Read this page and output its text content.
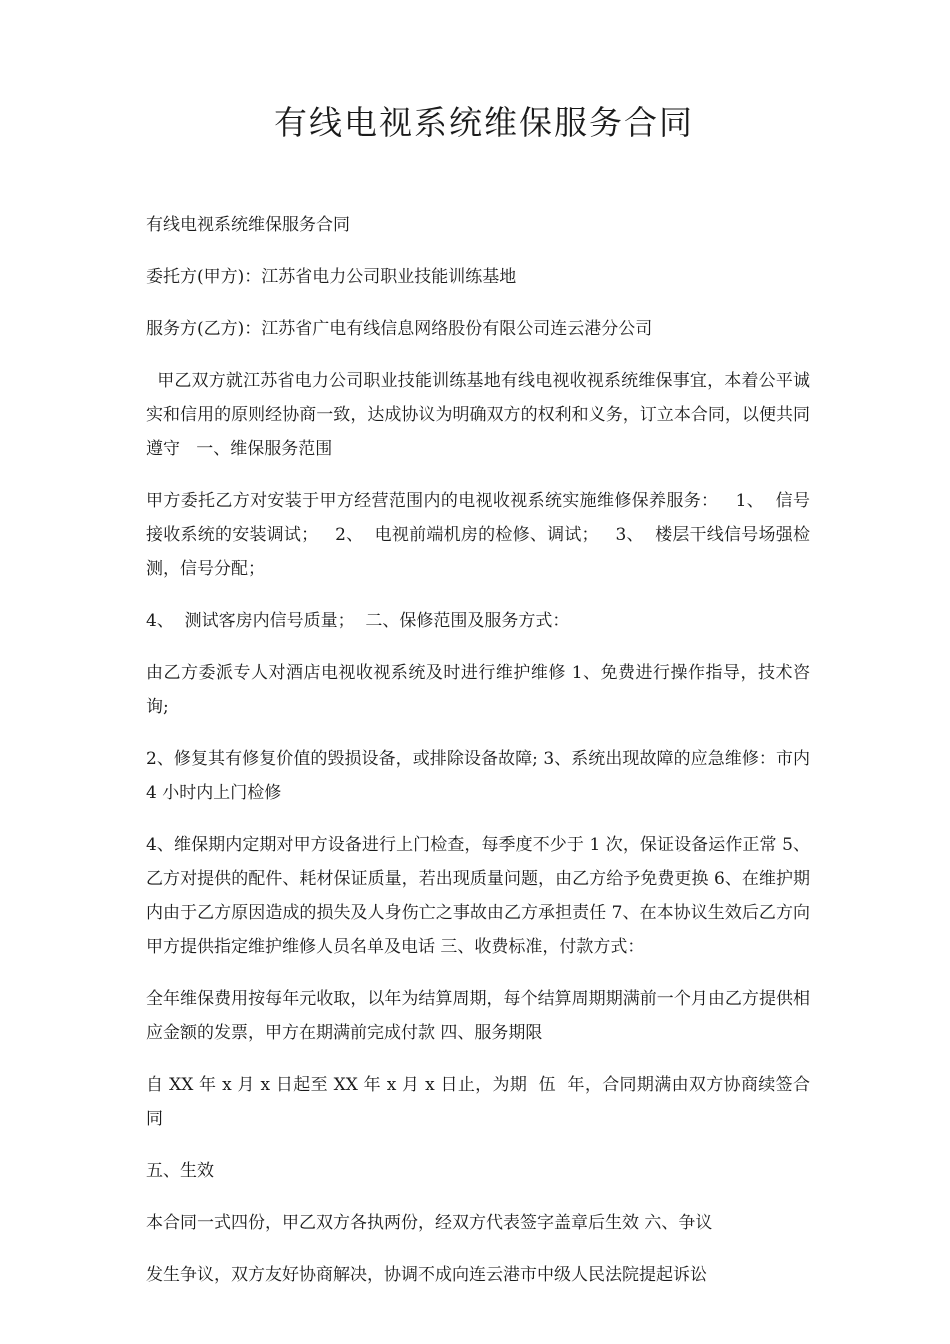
有线电视系统维保服务合同

有线电视系统维保服务合同

委托方(甲方)：江苏省电力公司职业技能训练基地

服务方(乙方)：江苏省广电有线信息网络股份有限公司连云港分公司

甲乙双方就江苏省电力公司职业技能训练基地有线电视收视系统维保事宜，本着公平诚实和信用的原则经协商一致，达成协议为明确双方的权利和义务，订立本合同，以便共同遵守   一、维保服务范围

甲方委托乙方对安装于甲方经营范围内的电视收视系统实施维修保养服务：   1、  信号接收系统的安装调试；   2、  电视前端机房的检修、调试；   3、  楼层干线信号场强检测，信号分配；

4、  测试客房内信号质量；  二、保修范围及服务方式：

由乙方委派专人对酒店电视收视系统及时进行维护维修 1、免费进行操作指导，技术咨询;

2、修复其有修复价值的毁损设备，或排除设备故障; 3、系统出现故障的应急维修：市内 4 小时内上门检修

4、维保期内定期对甲方设备进行上门检查，每季度不少于 1 次，保证设备运作正常 5、乙方对提供的配件、耗材保证质量，若出现质量问题，由乙方给予免费更换 6、在维护期内由于乙方原因造成的损失及人身伤亡之事故由乙方承担责任 7、在本协议生效后乙方向甲方提供指定维护维修人员名单及电话 三、收费标准，付款方式：

全年维保费用按每年元收取，以年为结算周期，每个结算周期期满前一个月由乙方提供相应金额的发票，甲方在期满前完成付款 四、服务期限

自 XX 年 x 月 x 日起至 XX 年 x 月 x 日止，为期  伍  年，合同期满由双方协商续签合同

五、生效

本合同一式四份，甲乙双方各执两份，经双方代表签字盖章后生效 六、争议

发生争议，双方友好协商解决，协调不成向连云港市中级人民法院提起诉讼
